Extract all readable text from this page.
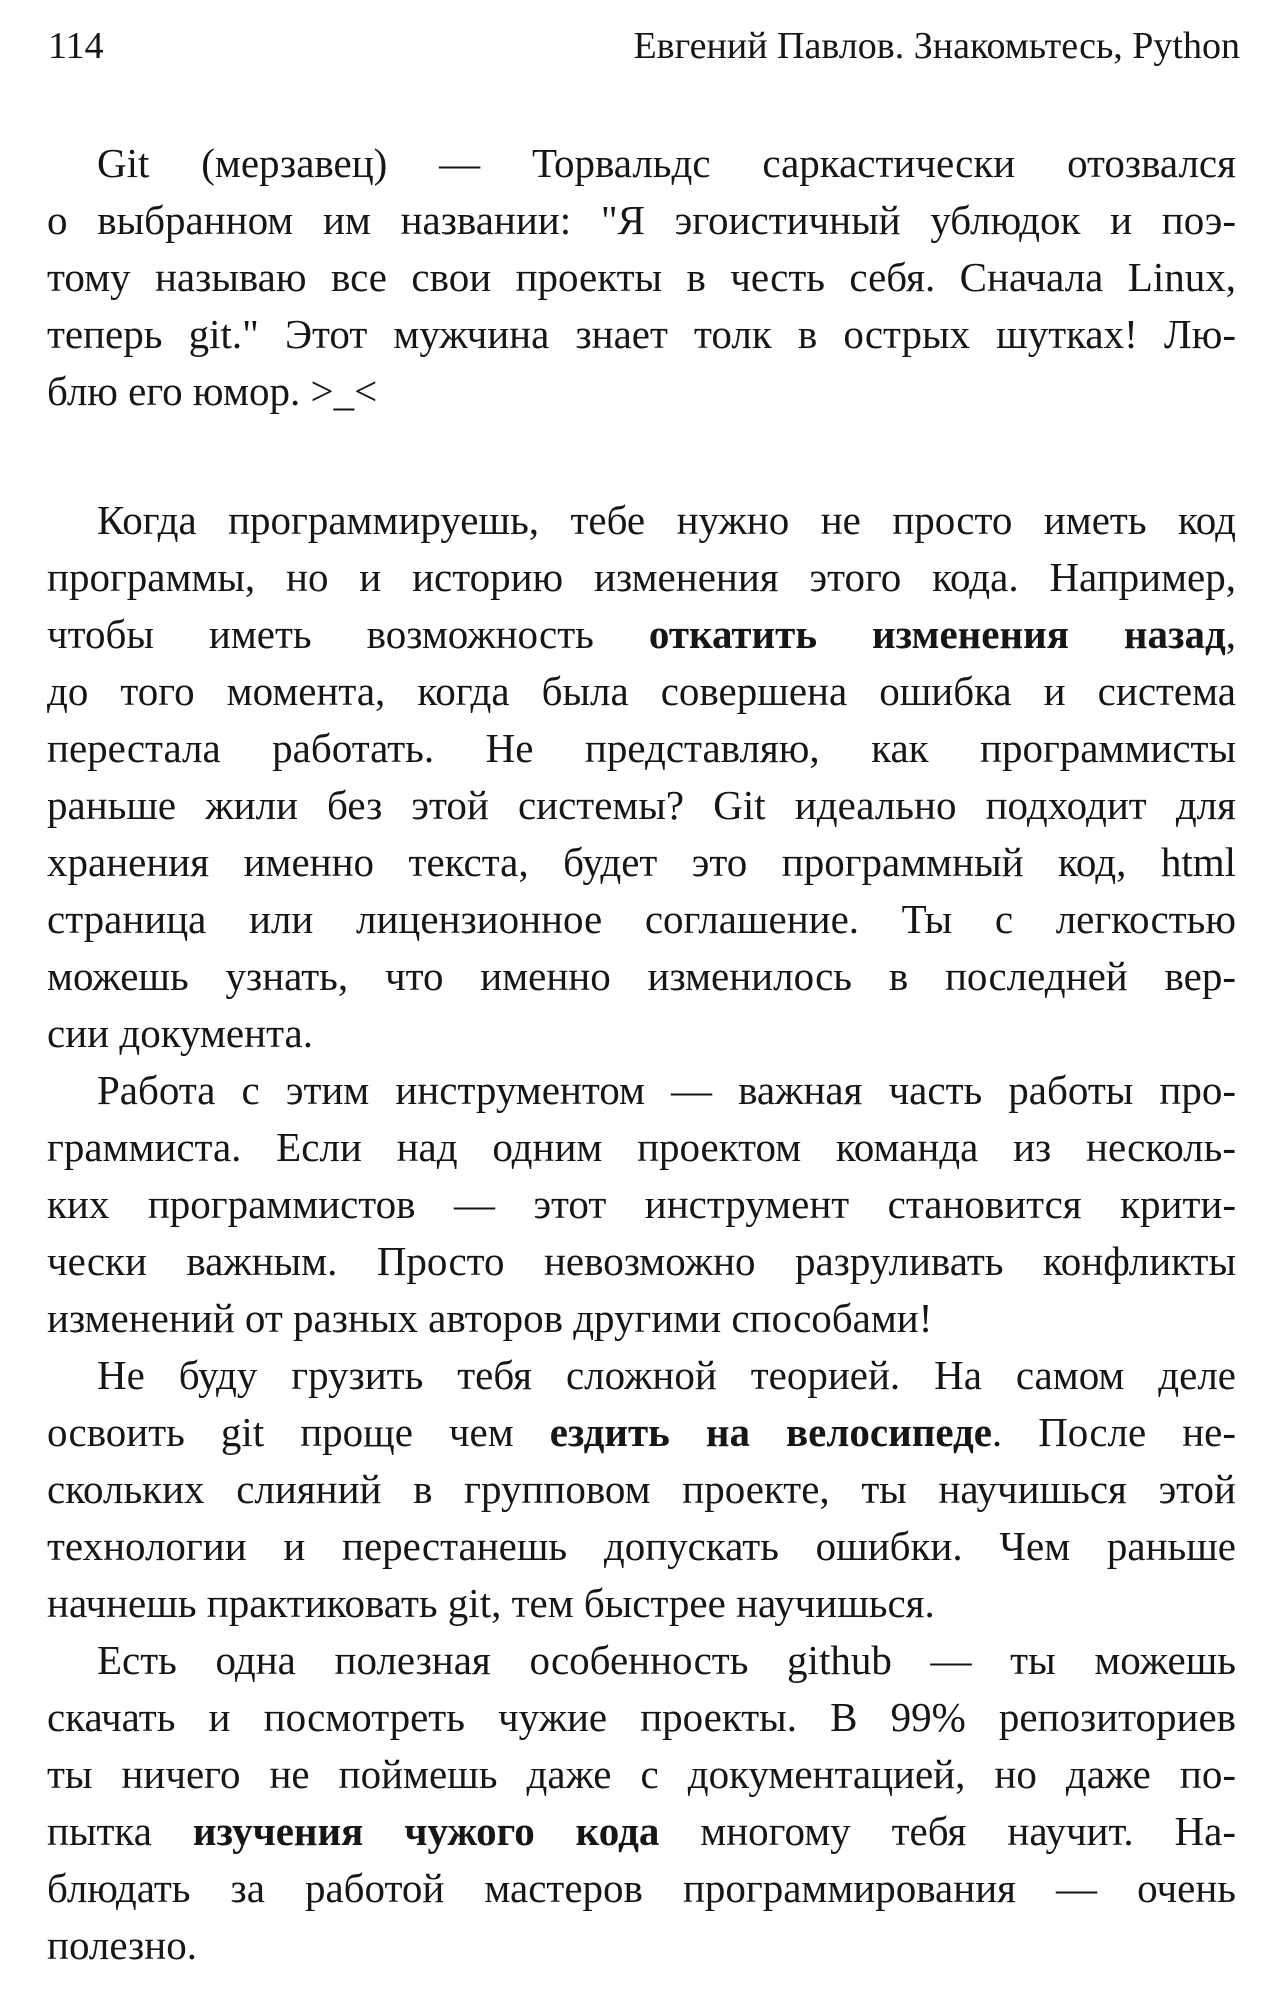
114	Евгений Павлов. Знакомьтесь, Python
Git (мерзавец) — Торвальдс саркастически отозвался
о выбранном им названии: "Я эгоистичный ублюдок и поэ-
тому называю все свои проекты в честь себя. Сначала Linux,
теперь git." Этот мужчина знает толк в острых шутках! Лю-
блю его юмор. >_<
Когда программируешь, тебе нужно не просто иметь код
программы, но и историю изменения этого кода. Например,
чтобы иметь возможность откатить изменения назад,
до того момента, когда была совершена ошибка и система
перестала работать. Не представляю, как программисты
раньше жили без этой системы? Git идеально подходит для
хранения именно текста, будет это программный код, html
страница или лицензионное соглашение. Ты с легкостью
можешь узнать, что именно изменилось в последней вер-
сии документа.
Работа с этим инструментом — важная часть работы про-
граммиста. Если над одним проектом команда из несколь-
ких программистов — этот инструмент становится крити-
чески важным. Просто невозможно разруливать конфликты
изменений от разных авторов другими способами!
Не буду грузить тебя сложной теорией. На самом деле
освоить git проще чем ездить на велосипеде. После не-
скольких слияний в групповом проекте, ты научишься этой
технологии и перестанешь допускать ошибки. Чем раньше
начнешь практиковать git, тем быстрее научишься.
Есть одна полезная особенность github — ты можешь
скачать и посмотреть чужие проекты. В 99% репозиториев
ты ничего не поймешь даже с документацией, но даже по-
пытка изучения чужого кода многому тебя научит. На-
блюдать за работой мастеров программирования — очень
полезно.
